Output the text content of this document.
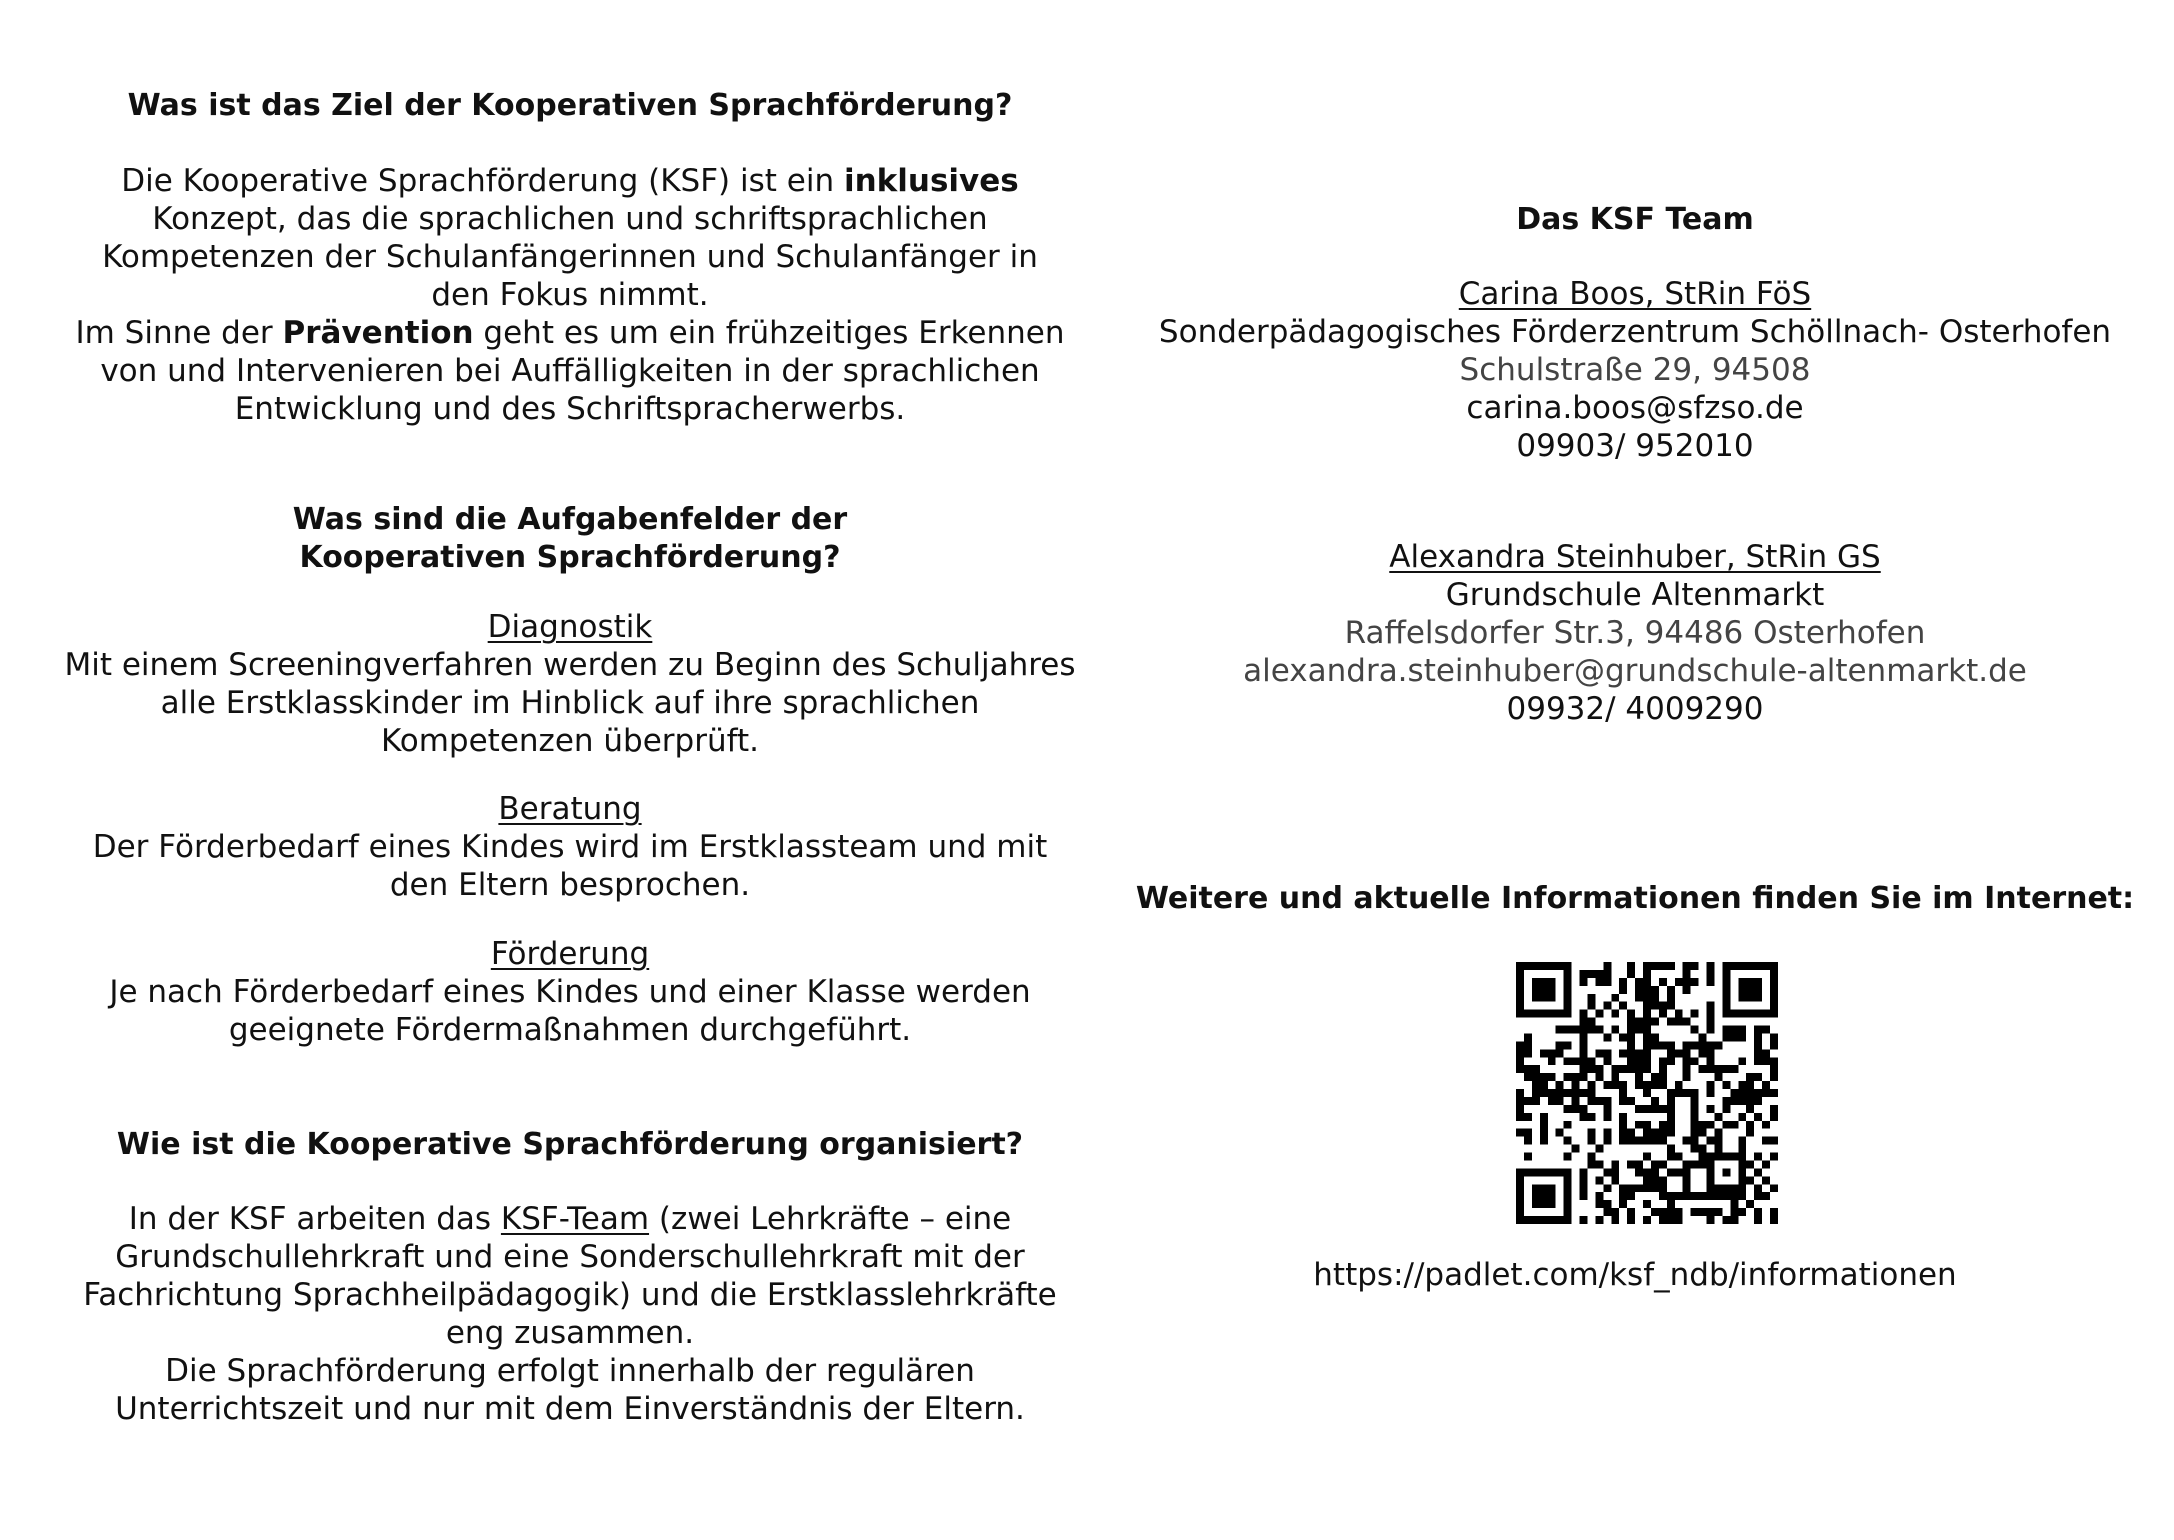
Was ist das Ziel der Kooperativen Sprachförderung?

Die Kooperative Sprachförderung (KSF) ist ein inklusives Konzept, das die sprachlichen und schriftsprachlichen Kompetenzen der Schulanfängerinnen und Schulanfänger in den Fokus nimmt.

Im Sinne der Prävention geht es um ein frühzeitiges Erkennen von und Intervenieren bei Auffälligkeiten in der sprachlichen Entwicklung und des Schriftspracherwerbs.

Was sind die Aufgabenfelder der Kooperativen Sprachförderung?
Diagnostik
Mit einem Screeningverfahren werden zu Beginn des Schuljahres alle Erstklasskinder im Hinblick auf ihre sprachlichen Kompetenzen überprüft.
Beratung
Der Förderbedarf eines Kindes wird im Erstklassteam und mit den Eltern besprochen.
Förderung
Je nach Förderbedarf eines Kindes und einer Klasse werden geeignete Fördermaßnahmen durchgeführt.
Wie ist die Kooperative Sprachförderung organisiert?

In der KSF arbeiten das KSF-Team (zwei Lehrkräfte – eine Grundschullehrkraft und eine Sonderschullehrkraft mit der Fachrichtung Sprachheilpädagogik) und die Erstklasslehrkräfte eng zusammen.

Die Sprachförderung erfolgt innerhalb der regulären Unterrichtszeit und nur mit dem Einverständnis der Eltern.

Das KSF Team
Carina Boos, StRin FöS
Sonderpädagogisches Förderzentrum Schöllnach- Osterhofen
Schulstraße 29, 94508
carina.boos@sfzso.de
09903/ 952010
Alexandra Steinhuber, StRin GS
Grundschule Altenmarkt
Raffelsdorfer Str.3, 94486 Osterhofen
alexandra.steinhuber@grundschule-altenmarkt.de
09932/ 4009290
Weitere und aktuelle Informationen finden Sie im Internet:
https://padlet.com/ksf_ndb/informationen
